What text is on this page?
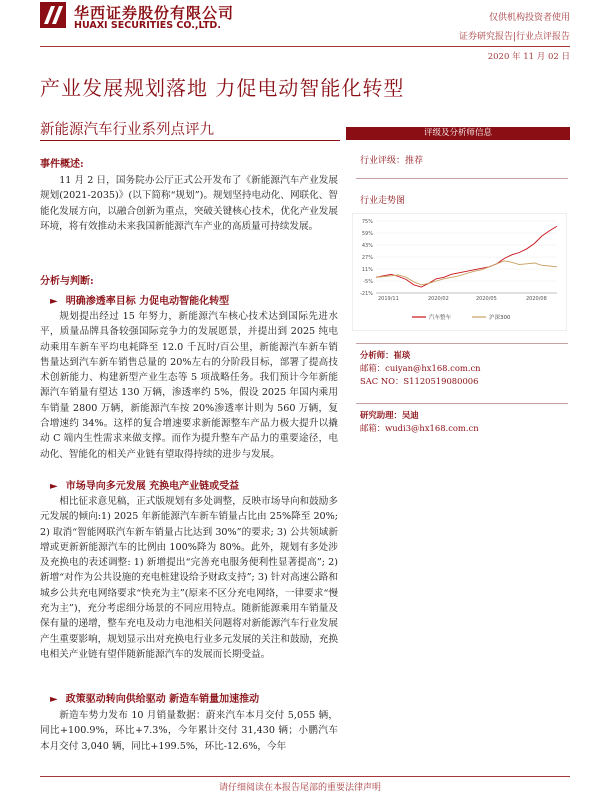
华西证券股份有限公司
HUAXI SECURITIES CO.,LTD.
仅供机构投资者使用
证券研究报告|行业点评报告
2020 年 11 月 02 日
产业发展规划落地 力促电动智能化转型
新能源汽车行业系列点评九
事件概述:

11 月 2 日，国务院办公厅正式公开发布了《新能源汽车产业发展规划(2021-2035)》(以下简称“规划”)。规划坚持电动化、网联化、智能化发展方向，以融合创新为重点，突破关键核心技术，优化产业发展环境，将有效推动未来我国新能源汽车产业的高质量可持续发展。

分析与判断:
► 明确渗透率目标 力促电动智能化转型

规划提出经过 15 年努力，新能源汽车核心技术达到国际先进水平，质量品牌具备较强国际竞争力的发展愿景，并提出到 2025 纯电动乘用车新车平均电耗降至 12.0 千瓦时/百公里，新能源汽车新车销售量达到汽车新车销售总量的 20%左右的分阶段目标，部署了提高技术创新能力、构建新型产业生态等 5 项战略任务。我们预计今年新能源汽车销量有望达 130 万辆，渗透率约 5%，假设 2025 年国内乘用车销量 2800 万辆，新能源汽车按 20%渗透率计则为 560 万辆，复合增速约 34%。这样的复合增速要求新能源整车产品力极大提升以撬动 C 端内生性需求来做支撑。而作为提升整车产品力的重要途径，电动化、智能化的相关产业链有望取得持续的进步与发展。

► 市场导向多元发展 充换电产业链或受益

相比征求意见稿，正式版规划有多处调整，反映市场导向和鼓励多元发展的倾向:1) 2025 年新能源汽车新车销量占比由 25%降至 20%; 2) 取消“智能网联汽车新车销量占比达到 30%”的要求; 3) 公共领域新增或更新新能源汽车的比例由 100%降为 80%。此外，规划有多处涉及充换电的表述调整: 1) 新增提出“完善充电服务便利性显著提高”; 2) 新增“对作为公共设施的充电桩建设给予财政支持”; 3) 针对高速公路和城乡公共充电网络要求“快充为主”(原来不区分充电网络，一律要求“慢充为主”)，充分考虑细分场景的不同应用特点。随新能源乘用车销量及保有量的递增，整车充电及动力电池相关问题将对新能源汽车行业发展产生重要影响，规划显示出对充换电行业多元发展的关注和鼓励，充换电相关产业链有望伴随新能源汽车的发展而长期受益。

► 政策驱动转向供给驱动 新造车销量加速推动

新造车势力发布 10 月销量数据：蔚来汽车本月交付 5,055 辆，同比+100.9%，环比+7.3%，今年累计交付 31,430 辆；小鹏汽车本月交付 3,040 辆，同比+199.5%，环比-12.6%，今年

评级及分析师信息
行业评级：推荐
行业走势图
75%
59%
43%
27%
11%
-5%
-21%
2019/11	2020/02	2020/05	2020/08
汽车整车	沪深300
分析师：崔琰
邮箱：cuiyan@hx168.com.cn
SAC NO：S1120519080006
研究助理：吴迪
邮箱：wudi3@hx168.com.cn
请仔细阅读在本报告尾部的重要法律声明
